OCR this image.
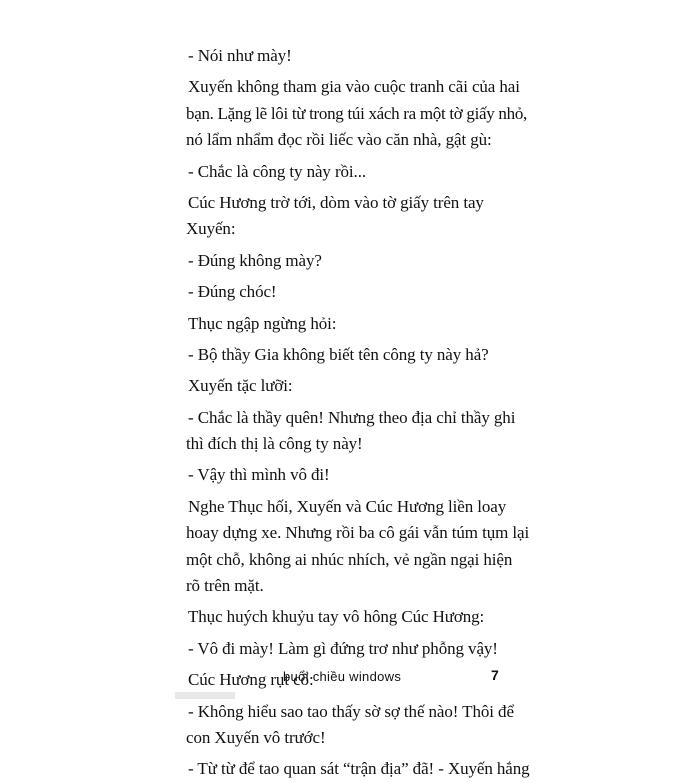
- Nói như mày!
Xuyến không tham gia vào cuộc tranh cãi của hai
bạn. Lặng lẽ lôi từ trong túi xách ra một tờ giấy nhỏ,
nó lẩm nhẩm đọc rồi liếc vào căn nhà, gật gù:
- Chắc là công ty này rồi...
Cúc Hương trờ tới, dòm vào tờ giấy trên tay
Xuyến:
- Đúng không mày?
- Đúng chóc!
Thục ngập ngừng hỏi:
- Bộ thầy Gia không biết tên công ty này hả?
Xuyến tặc lưỡi:
- Chắc là thầy quên! Nhưng theo địa chỉ thầy ghi
thì đích thị là công ty này!
- Vậy thì mình vô đi!
Nghe Thục hối, Xuyến và Cúc Hương liền loay
hoay dựng xe. Nhưng rồi ba cô gái vẫn túm tụm lại
một chỗ, không ai nhúc nhích, vẻ ngần ngại hiện
rõ trên mặt.
Thục huých khuỷu tay vô hông Cúc Hương:
- Vô đi mày! Làm gì đứng trơ như phỗng vậy!
Cúc Hương rụt cổ:
- Không hiểu sao tao thấy sờ sợ thế nào! Thôi để
con Xuyến vô trước!
- Từ từ để tao quan sát “trận địa” đã! - Xuyến hắng
buổi chiều windows	7
